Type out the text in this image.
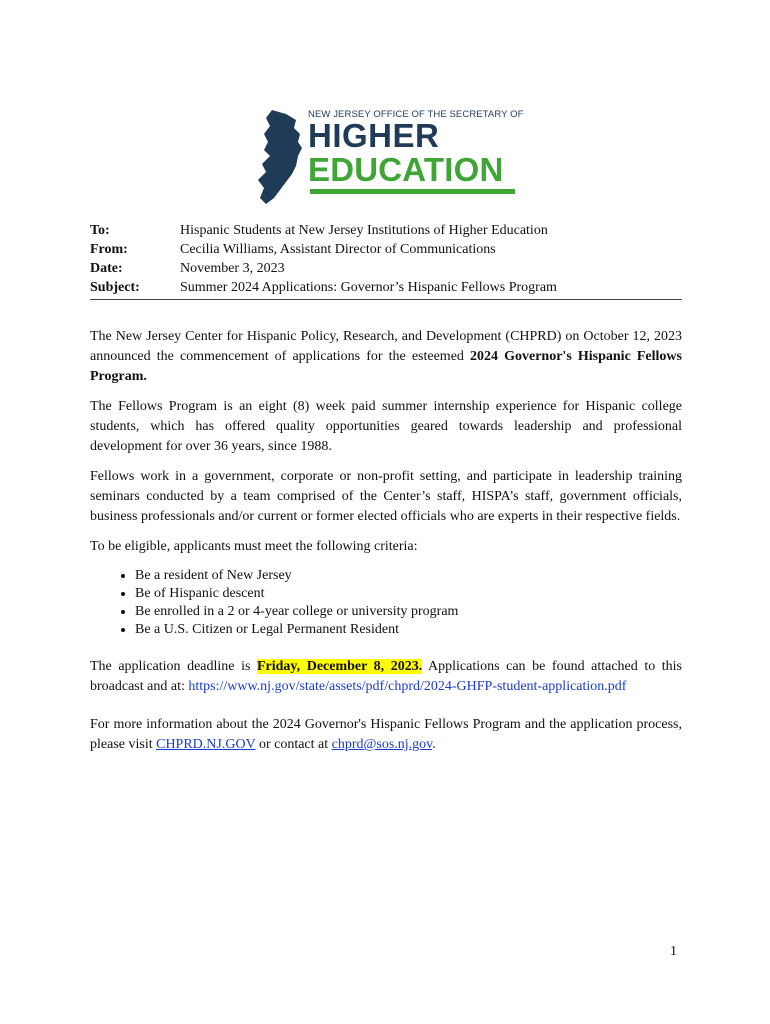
NEW JERSEY OFFICE OF THE SECRETARY OF
HIGHER
EDUCATION
To:	Hispanic Students at New Jersey Institutions of Higher Education
From:	Cecilia Williams, Assistant Director of Communications
Date:	November 3, 2023
Subject:	Summer 2024 Applications: Governor’s Hispanic Fellows Program

The New Jersey Center for Hispanic Policy, Research, and Development (CHPRD) on October 12, 2023 announced the commencement of applications for the esteemed 2024 Governor's Hispanic Fellows Program.

The Fellows Program is an eight (8) week paid summer internship experience for Hispanic college students, which has offered quality opportunities geared towards leadership and professional development for over 36 years, since 1988.

Fellows work in a government, corporate or non-profit setting, and participate in leadership training seminars conducted by a team comprised of the Center’s staff, HISPA’s staff, government officials, business professionals and/or current or former elected officials who are experts in their respective fields.

To be eligible, applicants must meet the following criteria:

• Be a resident of New Jersey
• Be of Hispanic descent
• Be enrolled in a 2 or 4-year college or university program
• Be a U.S. Citizen or Legal Permanent Resident

The application deadline is Friday, December 8, 2023. Applications can be found attached to this broadcast and at: https://www.nj.gov/state/assets/pdf/chprd/2024-GHFP-student-application.pdf

For more information about the 2024 Governor's Hispanic Fellows Program and the application process, please visit CHPRD.NJ.GOV or contact at chprd@sos.nj.gov.

1
